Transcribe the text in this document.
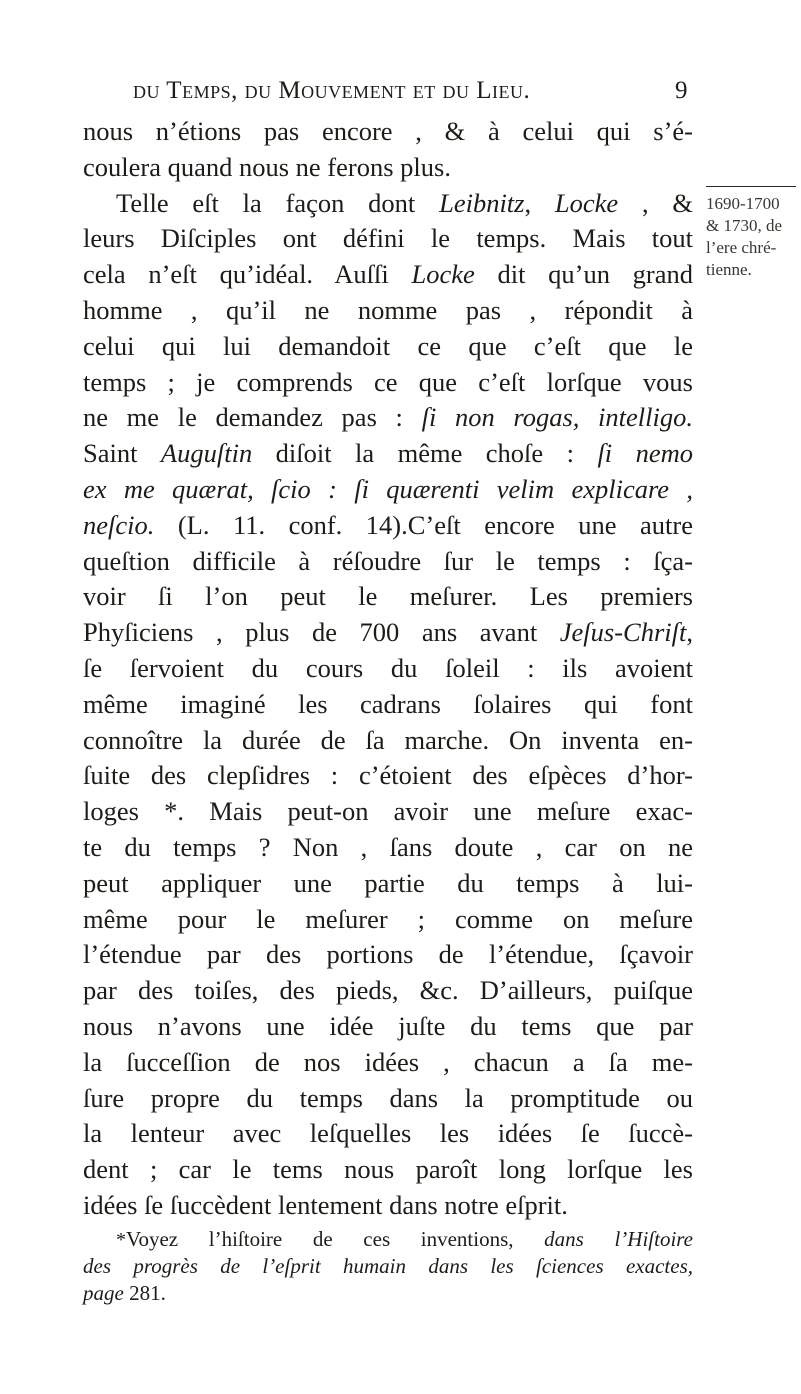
du Temps, du Mouvement et du Lieu.	9
nous n’étions pas encore , & à celui qui s’é-
coulera quand nous ne ferons plus.
Telle eſt la façon dont Leibnitz, Locke , &
leurs Diſciples ont défini le temps. Mais tout
cela n’eſt qu’idéal. Auſſi Locke dit qu’un grand
homme , qu’il ne nomme pas , répondit à
celui qui lui demandoit ce que c’eſt que le
temps ; je comprends ce que c’eſt lorſque vous
ne me le demandez pas : ſi non rogas, intelligo.
Saint Auguſtin diſoit la même choſe : ſi nemo
ex me quærat, ſcio : ſi quærenti velim explicare ,
neſcio. (L. 11. conf. 14).C’eſt encore une autre
queſtion difficile à réſoudre ſur le temps : ſça-
voir ſi l’on peut le meſurer. Les premiers
Phyſiciens , plus de 700 ans avant Jeſus-Chriſt,
ſe ſervoient du cours du ſoleil : ils avoient
même imaginé les cadrans ſolaires qui font
connoître la durée de ſa marche. On inventa en-
ſuite des clepſidres : c’étoient des eſpèces d’hor-
loges *. Mais peut-on avoir une meſure exac-
te du temps ? Non , ſans doute , car on ne
peut appliquer une partie du temps à lui-
même pour le meſurer ; comme on meſure
l’étendue par des portions de l’étendue, ſçavoir
par des toiſes, des pieds, &c. D’ailleurs, puiſque
nous n’avons une idée juſte du tems que par
la ſucceſſion de nos idées , chacun a ſa me-
ſure propre du temps dans la promptitude ou
la lenteur avec leſquelles les idées ſe ſuccè-
dent ; car le tems nous paroît long lorſque les
idées ſe ſuccèdent lentement dans notre eſprit.
1690-1700
& 1730, de
l’ere chré-
tienne.
*Voyez l’hiſtoire de ces inventions, dans l’Hiſtoire
des progrès de l’eſprit humain dans les ſciences exactes,
page 281.
